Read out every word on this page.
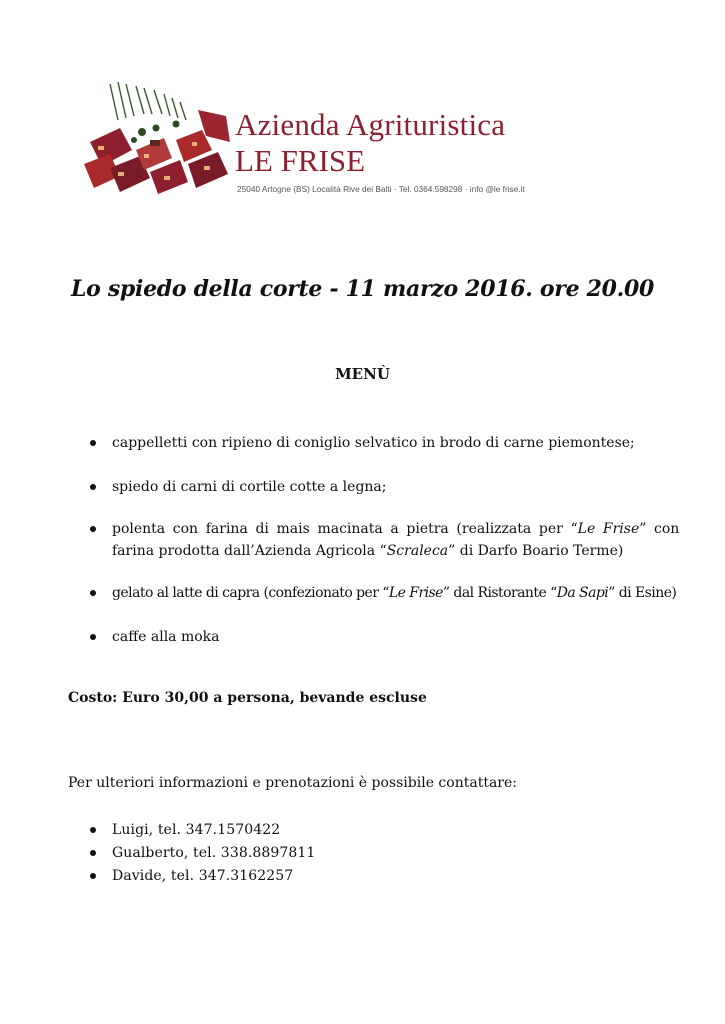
Azienda Agrituristica
LE FRISE
25040 Artogne (BS) Località Rive dei Balti · Tel. 0364.598298 · info @le frise.it
Lo spiedo della corte - 11 marzo 2016. ore 20.00
MENÙ
cappelletti con ripieno di coniglio selvatico in brodo di carne piemontese;
spiedo di carni di cortile cotte a legna;
polenta con farina di mais macinata a pietra (realizzata per “Le Frise” con
farina prodotta dall’Azienda Agricola “Scraleca” di Darfo Boario Terme)
gelato al latte di capra (confezionato per “Le Frise” dal Ristorante “Da Sapi” di Esine)
caffe alla moka
Costo: Euro 30,00 a persona, bevande escluse
Per ulteriori informazioni e prenotazioni è possibile contattare:
Luigi, tel. 347.1570422
Gualberto, tel. 338.8897811
Davide, tel. 347.3162257
